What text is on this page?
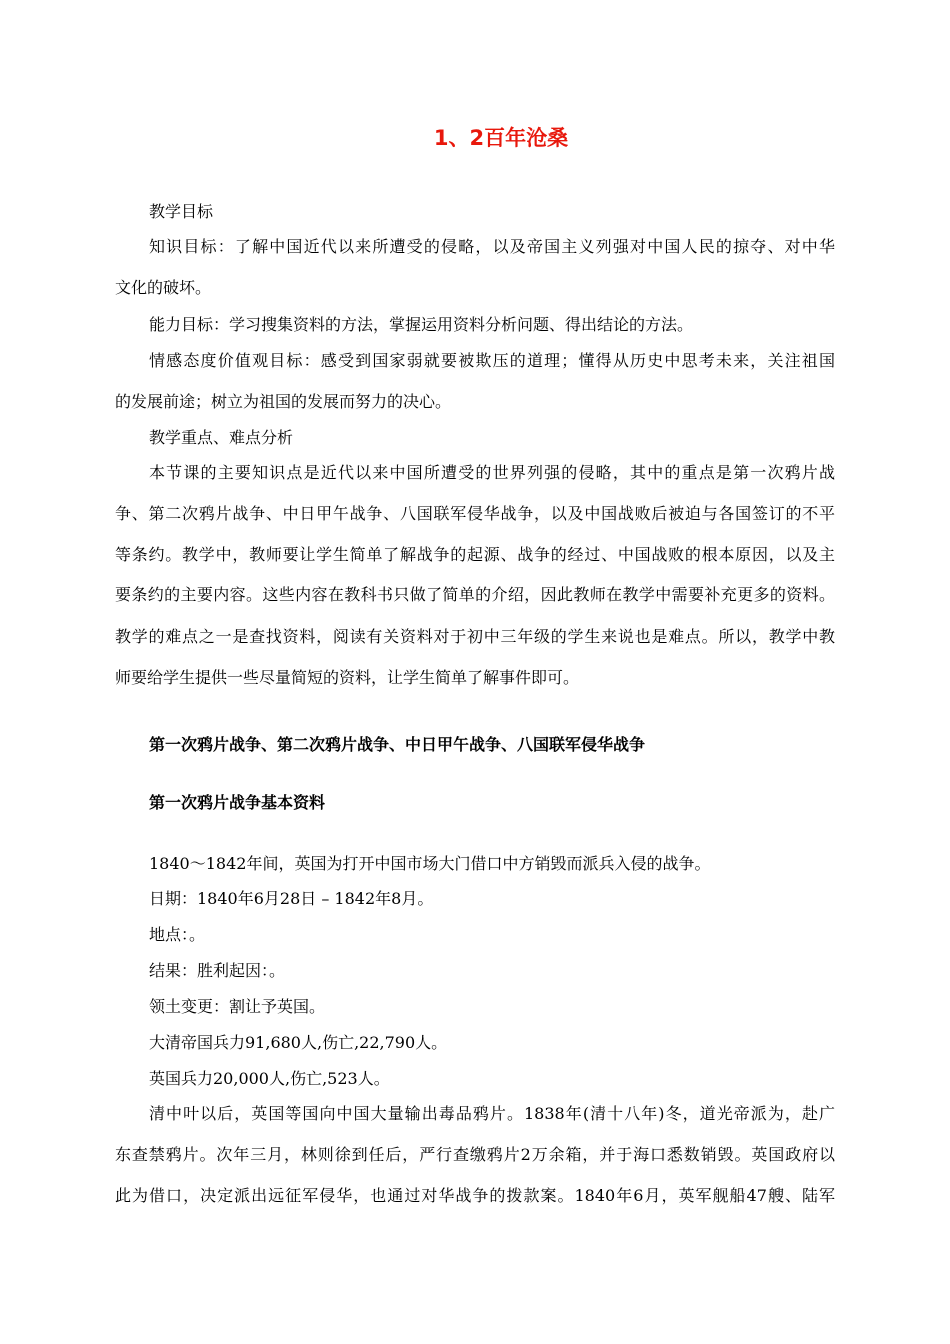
1、2百年沧桑
教学目标
知识目标：了解中国近代以来所遭受的侵略，以及帝国主义列强对中国人民的掠夺、对中华
文化的破坏。
能力目标：学习搜集资料的方法，掌握运用资料分析问题、得出结论的方法。
情感态度价值观目标：感受到国家弱就要被欺压的道理；懂得从历史中思考未来，关注祖国
的发展前途；树立为祖国的发展而努力的决心。
教学重点、难点分析
本节课的主要知识点是近代以来中国所遭受的世界列强的侵略，其中的重点是第一次鸦片战
争、第二次鸦片战争、中日甲午战争、八国联军侵华战争，以及中国战败后被迫与各国签订的不平
等条约。教学中，教师要让学生简单了解战争的起源、战争的经过、中国战败的根本原因，以及主
要条约的主要内容。这些内容在教科书只做了简单的介绍，因此教师在教学中需要补充更多的资料。
教学的难点之一是查找资料，阅读有关资料对于初中三年级的学生来说也是难点。所以，教学中教
师要给学生提供一些尽量简短的资料，让学生简单了解事件即可。
第一次鸦片战争、第二次鸦片战争、中日甲午战争、八国联军侵华战争
第一次鸦片战争基本资料
1840～1842年间，英国为打开中国市场大门借口中方销毁而派兵入侵的战争。
日期：1840年6月28日 – 1842年8月。
地点：。
结果：胜利起因：。
领土变更：割让予英国。
大清帝国兵力91,680人,伤亡,22,790人。
英国兵力20,000人,伤亡,523人。
清中叶以后，英国等国向中国大量输出毒品鸦片。1838年(清十八年)冬，道光帝派为，赴广
东查禁鸦片。次年三月，林则徐到任后，严行查缴鸦片2万余箱，并于海口悉数销毁。英国政府以
此为借口，决定派出远征军侵华，也通过对华战争的拨款案。1840年6月，英军舰船47艘、陆军
